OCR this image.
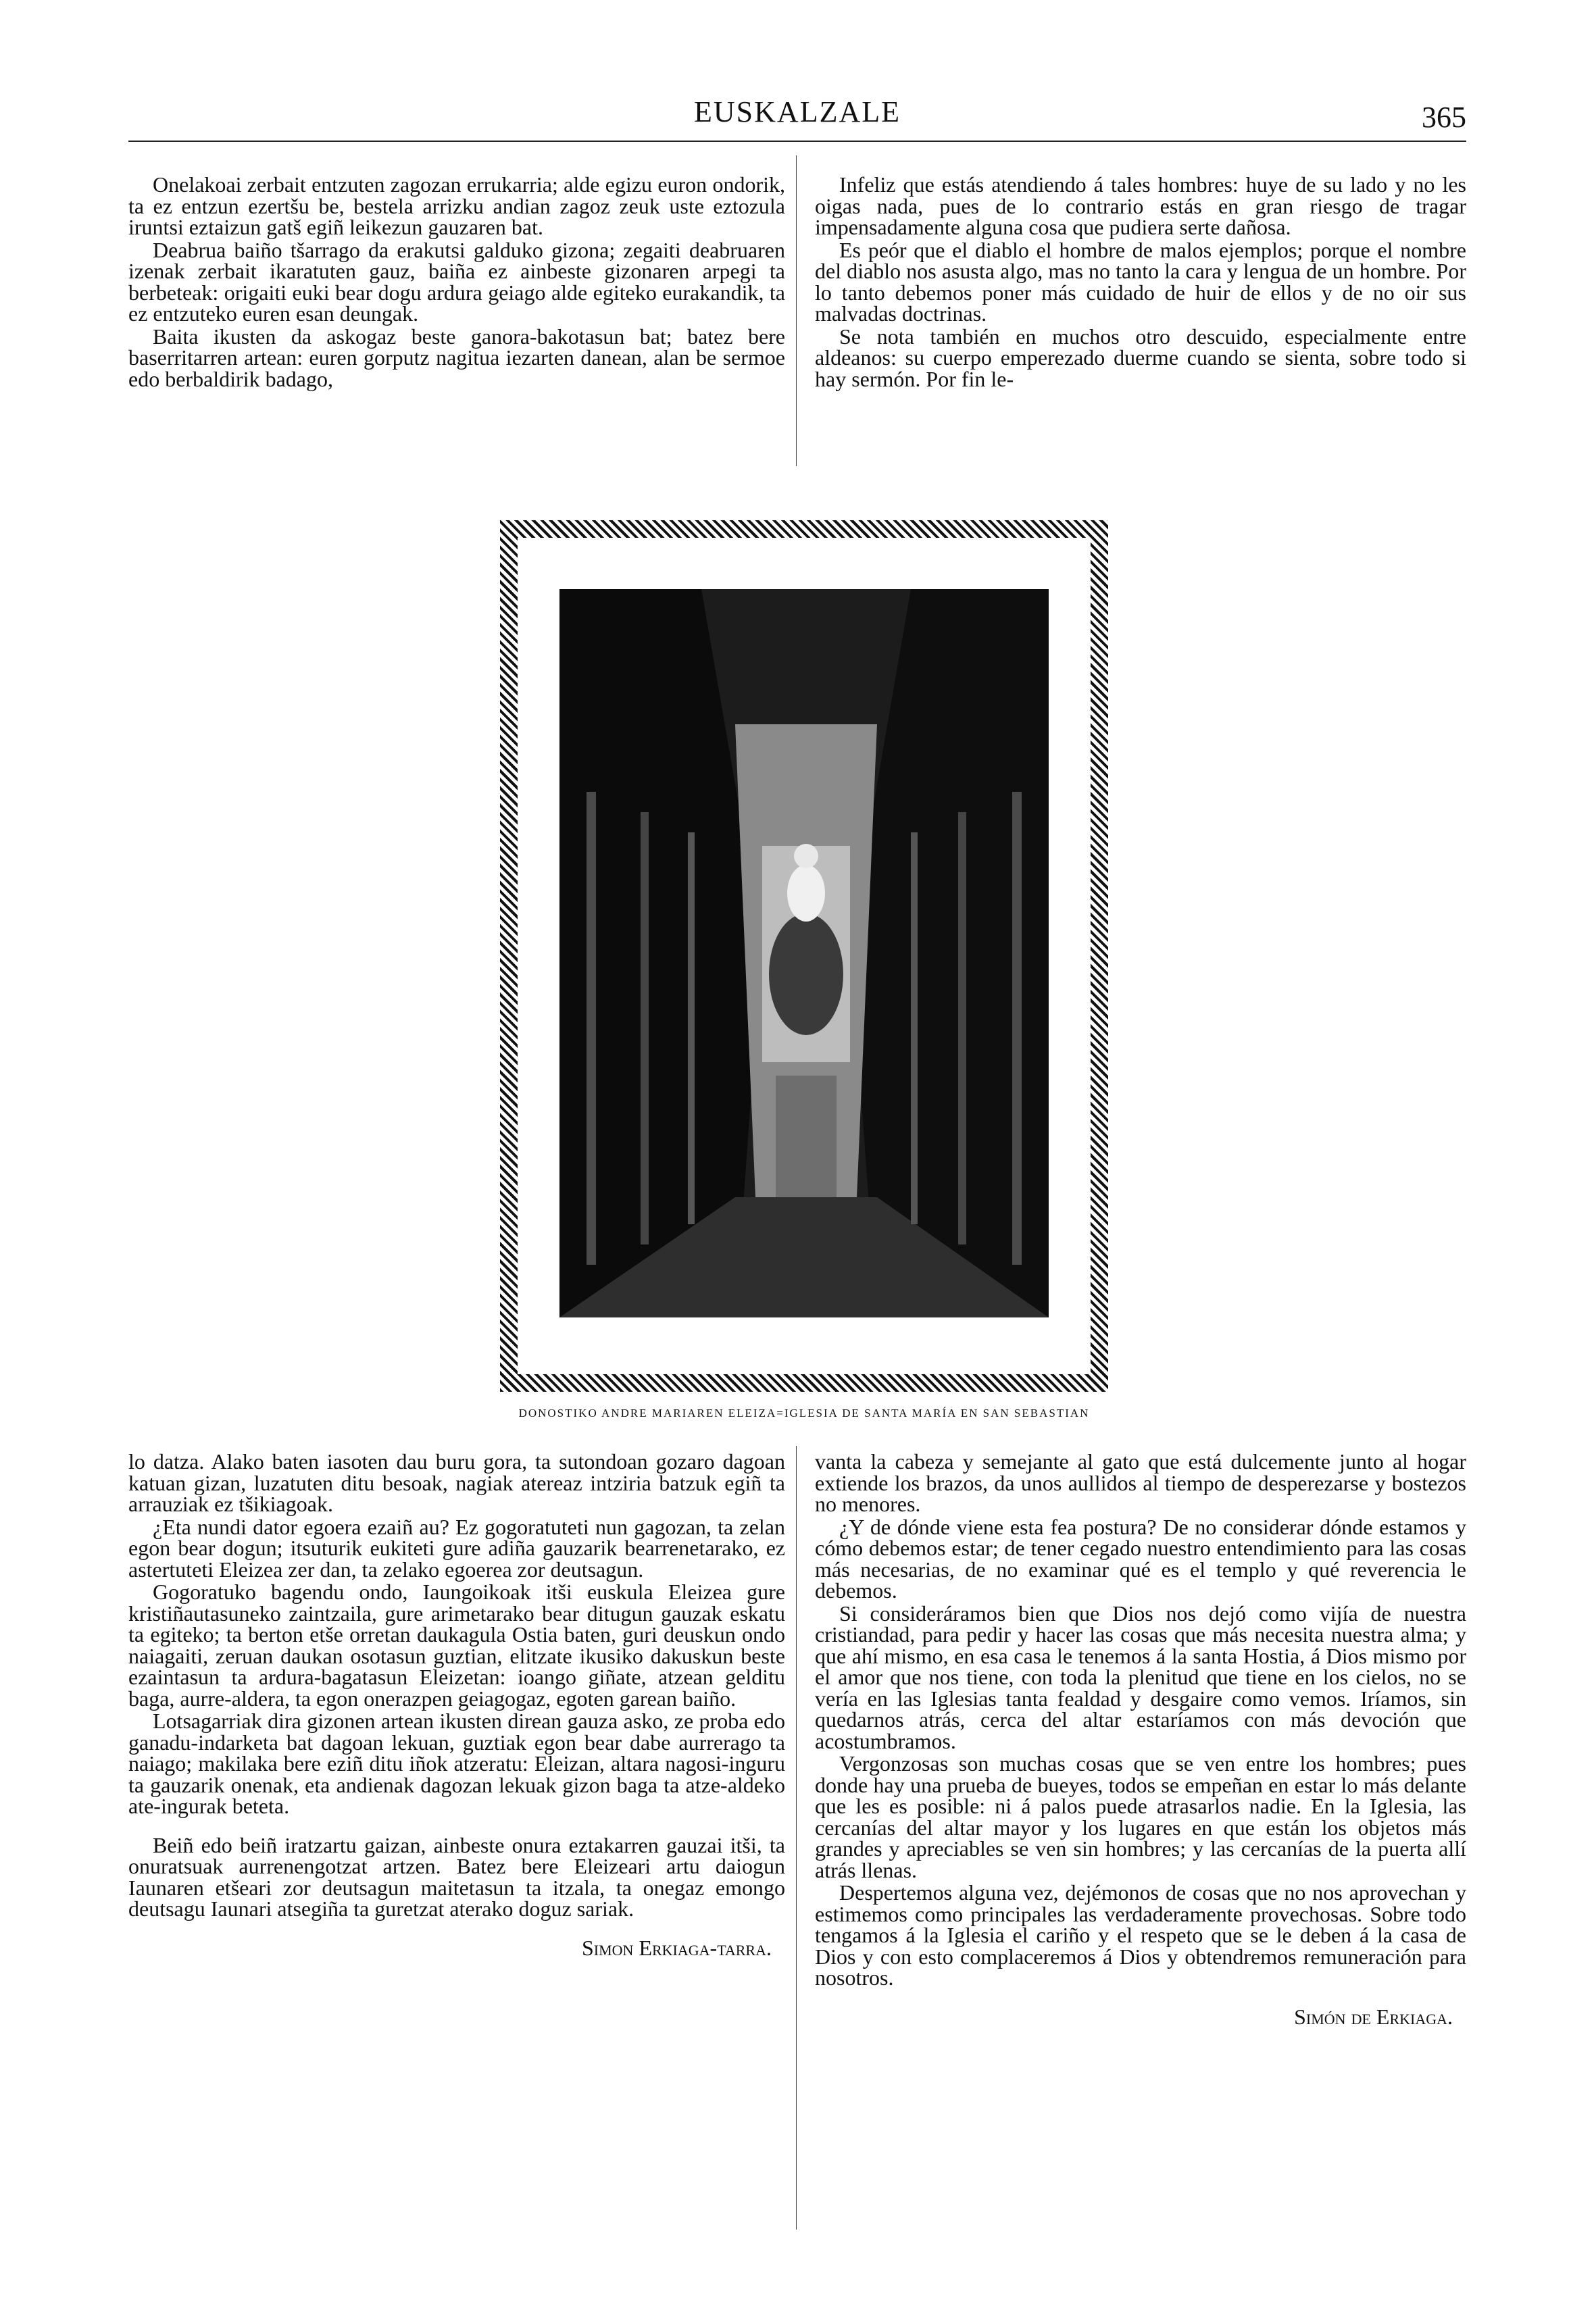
EUSKALZALE	365

Onelakoai zerbait entzuten zagozan errukarria; alde egizu euron ondorik, ta ez entzun ezertšu be, bestela arrizku andian zagoz zeuk uste eztozula iruntsi eztaizun gatš egiñ leikezun gauzaren bat.

Deabrua baiño tšarrago da erakutsi galduko gizona; zegaiti deabruaren izenak zerbait ikaratuten gauz, baiña ez ainbeste gizonaren arpegi ta berbeteak: origaiti euki bear dogu ardura geiago alde egiteko eurakandik, ta ez entzuteko euren esan deungak.

Baita ikusten da askogaz beste ganora-bakotasun bat; batez bere baserritarren artean: euren gorputz nagitua iezarten danean, alan be sermoe edo berbaldirik badago,

Infeliz que estás atendiendo á tales hombres: huye de su lado y no les oigas nada, pues de lo contrario estás en gran riesgo de tragar impensadamente alguna cosa que pudiera serte dañosa.

Es peór que el diablo el hombre de malos ejemplos; porque el nombre del diablo nos asusta algo, mas no tanto la cara y lengua de un hombre. Por lo tanto debemos poner más cuidado de huir de ellos y de no oir sus malvadas doctrinas.

Se nota también en muchos otro descuido, especialmente entre aldeanos: su cuerpo emperezado duerme cuando se sienta, sobre todo si hay sermón. Por fin le-

DONOSTIKO ANDRE MARIAREN ELEIZA=IGLESIA DE SANTA MARÍA EN SAN SEBASTIAN

lo datza. Alako baten iasoten dau buru gora, ta sutondoan gozaro dagoan katuan gizan, luzatuten ditu besoak, nagiak atereaz intziria batzuk egiñ ta arrauziak ez tšikiagoak.

¿Eta nundi dator egoera ezaiñ au? Ez gogoratuteti nun gagozan, ta zelan egon bear dogun; itsuturik eukiteti gure adiña gauzarik bearrenetarako, ez astertuteti Eleizea zer dan, ta zelako egoerea zor deutsagun.

Gogoratuko bagendu ondo, Iaungoikoak itši euskula Eleizea gure kristiñautasuneko zaintzaila, gure arimetarako bear ditugun gauzak eskatu ta egiteko; ta berton etše orretan daukagula Ostia baten, guri deuskun ondo naiagaiti, zeruan daukan osotasun guztian, elitzate ikusiko dakuskun beste ezaintasun ta ardura-bagatasun Eleizetan: ioango giñate, atzean gelditu baga, aurre-aldera, ta egon onerazpen geiagogaz, egoten garean baiño.

Lotsagarriak dira gizonen artean ikusten direan gauza asko, ze proba edo ganadu-indarketa bat dagoan lekuan, guztiak egon bear dabe aurrerago ta naiago; makilaka bere eziñ ditu iñok atzeratu: Eleizan, altara nagosi-inguru ta gauzarik onenak, eta andienak dagozan lekuak gizon baga ta atze-aldeko ate-ingurak beteta.

Beiñ edo beiñ iratzartu gaizan, ainbeste onura eztakarren gauzai itši, ta onuratsuak aurrenengotzat artzen. Batez bere Eleizeari artu daiogun Iaunaren etšeari zor deutsagun maitetasun ta itzala, ta onegaz emongo deutsagu Iaunari atsegiña ta guretzat aterako doguz sariak.

Simon Erkiaga-tarra.

vanta la cabeza y semejante al gato que está dulcemente junto al hogar extiende los brazos, da unos aullidos al tiempo de desperezarse y bostezos no menores.

¿Y de dónde viene esta fea postura? De no considerar dónde estamos y cómo debemos estar; de tener cegado nuestro entendimiento para las cosas más necesarias, de no examinar qué es el templo y qué reverencia le debemos.

Si consideráramos bien que Dios nos dejó como vijía de nuestra cristiandad, para pedir y hacer las cosas que más necesita nuestra alma; y que ahí mismo, en esa casa le tenemos á la santa Hostia, á Dios mismo por el amor que nos tiene, con toda la plenitud que tiene en los cielos, no se vería en las Iglesias tanta fealdad y desgaire como vemos. Iríamos, sin quedarnos atrás, cerca del altar estaríamos con más devoción que acostumbramos.

Vergonzosas son muchas cosas que se ven entre los hombres; pues donde hay una prueba de bueyes, todos se empeñan en estar lo más delante que les es posible: ni á palos puede atrasarlos nadie. En la Iglesia, las cercanías del altar mayor y los lugares en que están los objetos más grandes y apreciables se ven sin hombres; y las cercanías de la puerta allí atrás llenas.

Despertemos alguna vez, dejémonos de cosas que no nos aprovechan y estimemos como principales las verdaderamente provechosas. Sobre todo tengamos á la Iglesia el cariño y el respeto que se le deben á la casa de Dios y con esto complaceremos á Dios y obtendremos remuneración para nosotros.

Simón de Erkiaga.
